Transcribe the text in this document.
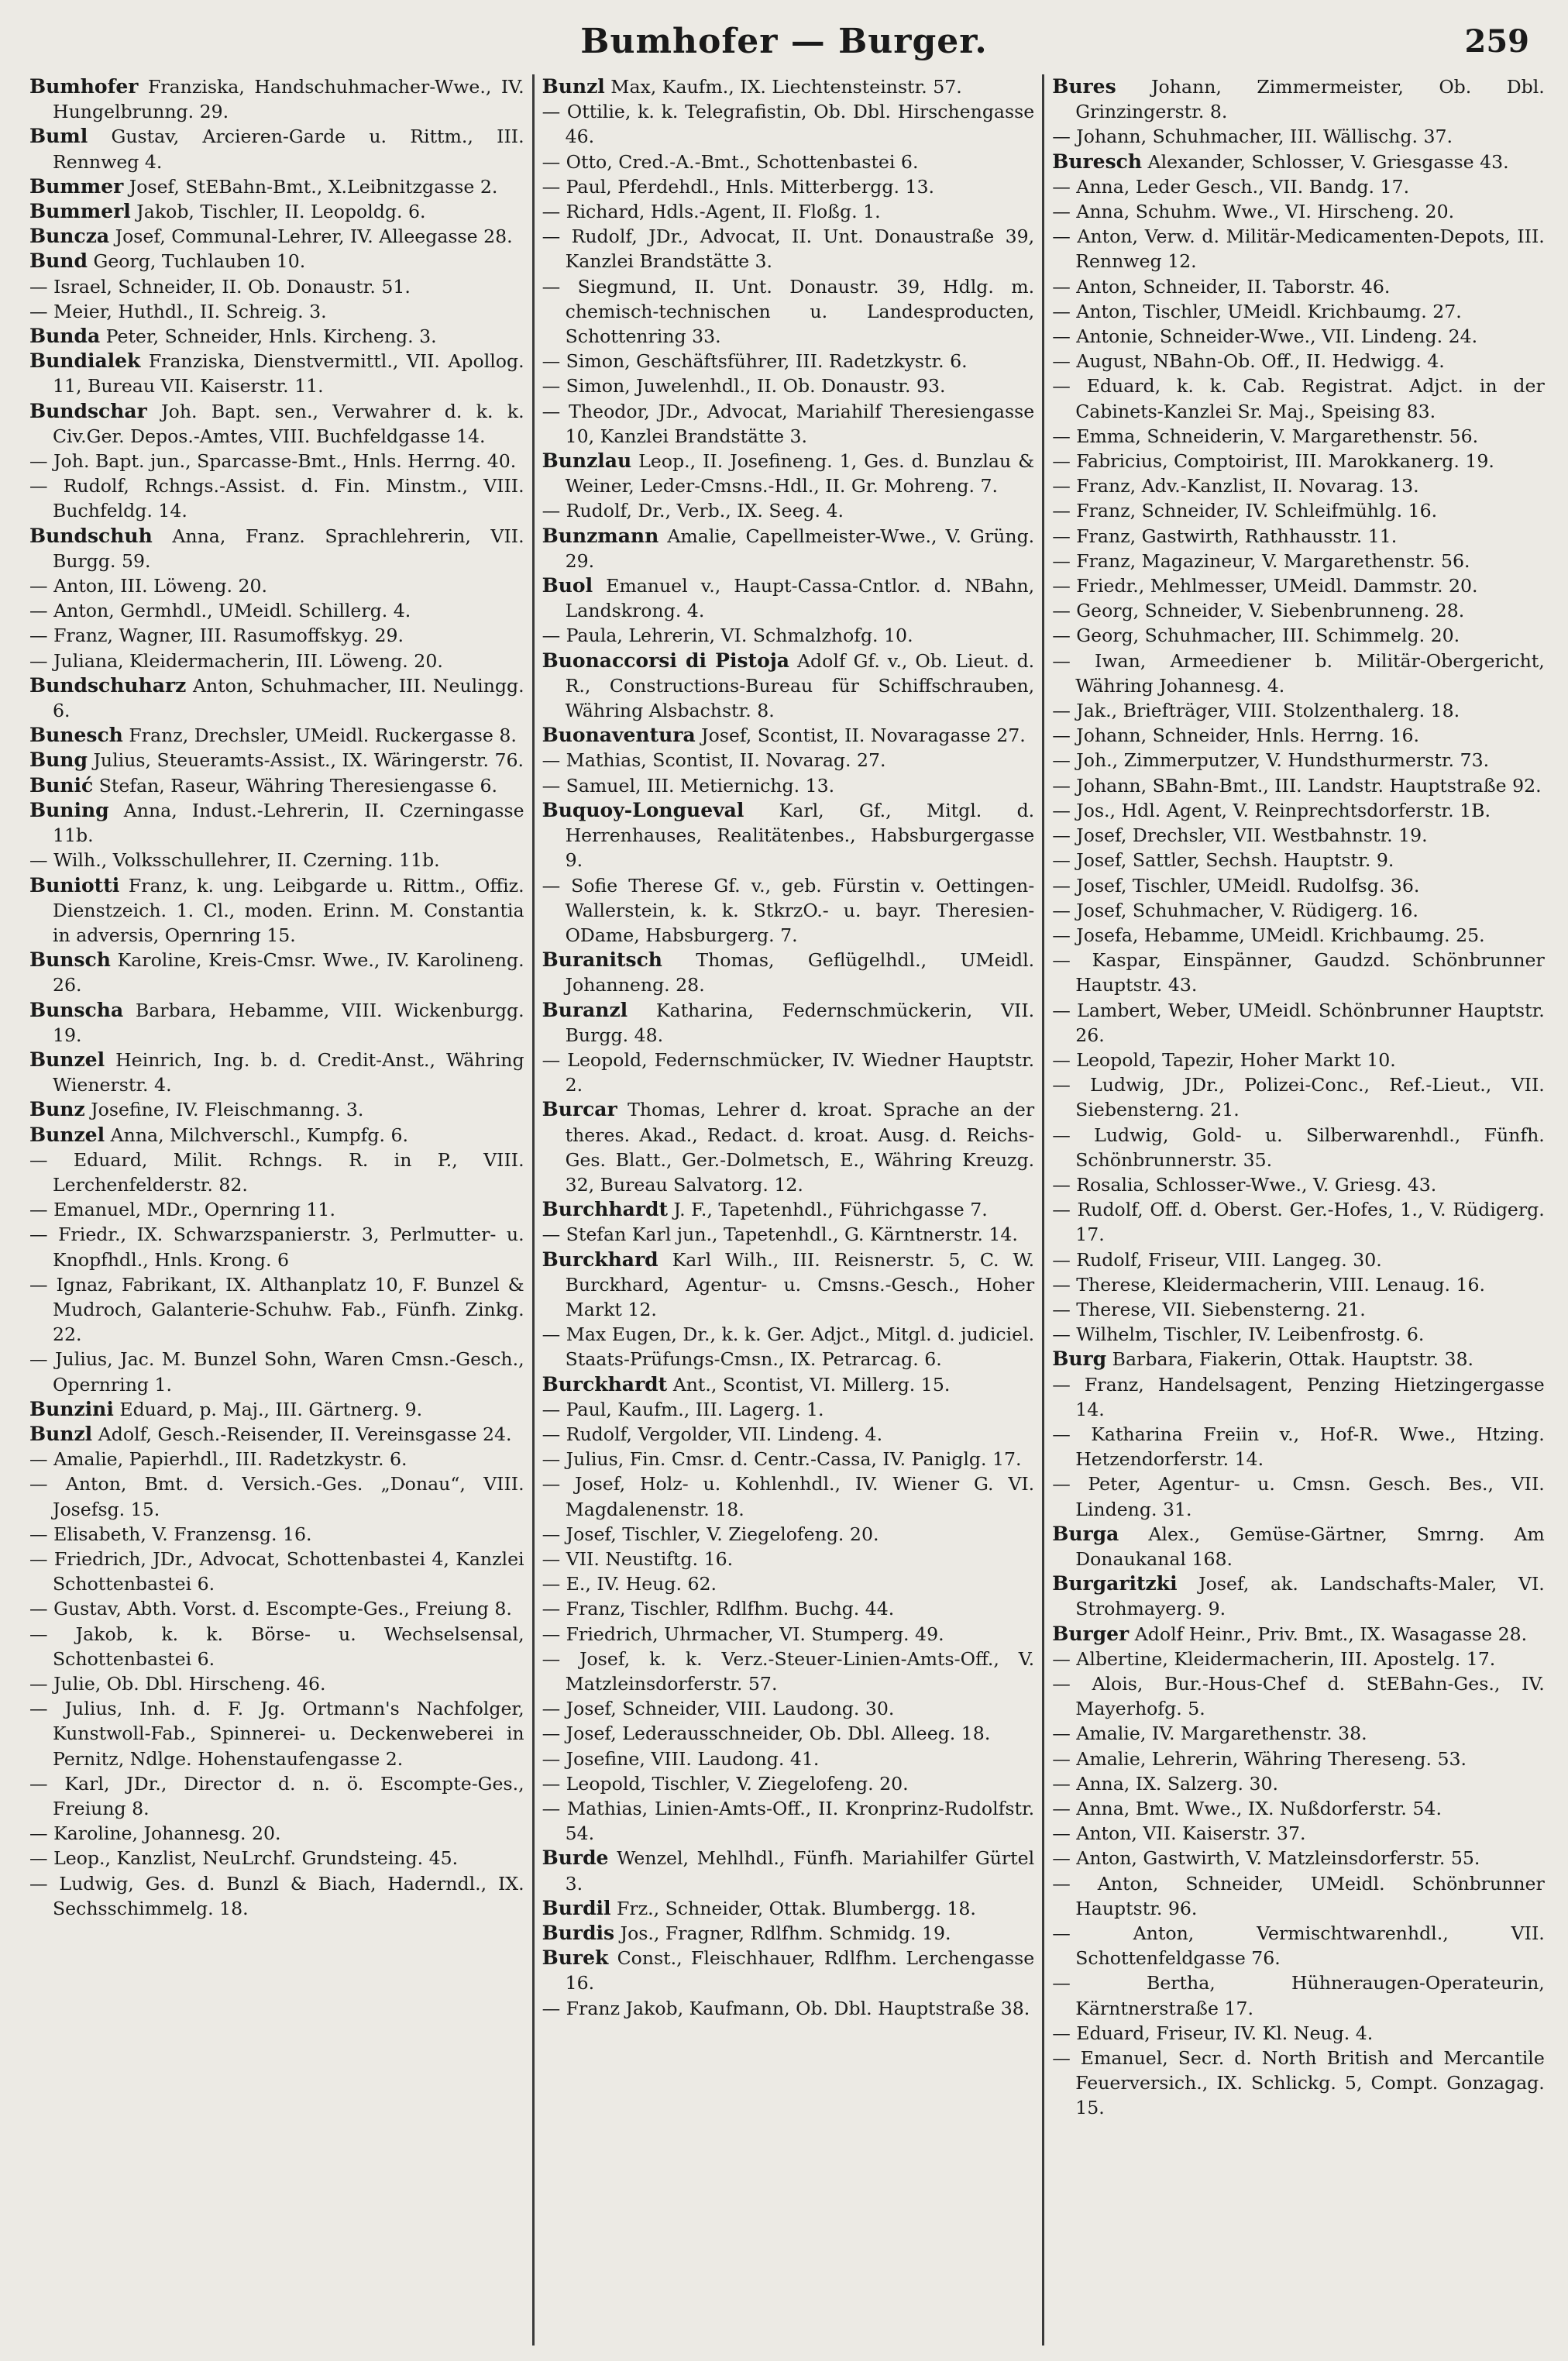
Bumhofer — Burger.	259
Bumhofer Franziska, Handschuhmacher-Wwe., IV. Hungelbrunng. 29.
Buml Gustav, Arcieren-Garde u. Rittm., III. Rennweg 4.
Bummer Josef, StEBahn-Bmt., X.Leibnitzgasse 2.
Bummerl Jakob, Tischler, II. Leopoldg. 6.
Buncza Josef, Communal-Lehrer, IV. Alleegasse 28.
Bund Georg, Tuchlauben 10.
— Israel, Schneider, II. Ob. Donaustr. 51.
— Meier, Huthdl., II. Schreig. 3.
Bunda Peter, Schneider, Hnls. Kircheng. 3.
Bundialek Franziska, Dienstvermittl., VII. Apollog. 11, Bureau VII. Kaiserstr. 11.
Bundschar Joh. Bapt. sen., Verwahrer d. k. k. Civ.Ger. Depos.-Amtes, VIII. Buchfeldgasse 14.
— Joh. Bapt. jun., Sparcasse-Bmt., Hnls. Herrng. 40.
— Rudolf, Rchngs.-Assist. d. Fin. Minstm., VIII. Buchfeldg. 14.
Bundschuh Anna, Franz. Sprachlehrerin, VII. Burgg. 59.
— Anton, III. Löweng. 20.
— Anton, Germhdl., UMeidl. Schillerg. 4.
— Franz, Wagner, III. Rasumoffskyg. 29.
— Juliana, Kleidermacherin, III. Löweng. 20.
Bundschuharz Anton, Schuhmacher, III. Neulingg. 6.
Bunesch Franz, Drechsler, UMeidl. Ruckergasse 8.
Bung Julius, Steueramts-Assist., IX. Wäringerstr. 76.
Bunić Stefan, Raseur, Währing Theresiengasse 6.
Buning Anna, Indust.-Lehrerin, II. Czerningasse 11b.
— Wilh., Volksschullehrer, II. Czerning. 11b.
Buniotti Franz, k. ung. Leibgarde u. Rittm., Offiz. Dienstzeich. 1. Cl., moden. Erinn. M. Constantia in adversis, Opernring 15.
Bunsch Karoline, Kreis-Cmsr. Wwe., IV. Karolineng. 26.
Bunscha Barbara, Hebamme, VIII. Wickenburgg. 19.
Bunzel Heinrich, Ing. b. d. Credit-Anst., Währing Wienerstr. 4.
Bunz Josefine, IV. Fleischmanng. 3.
Bunzel Anna, Milchverschl., Kumpfg. 6.
— Eduard, Milit. Rchngs. R. in P., VIII. Lerchenfelderstr. 82.
— Emanuel, MDr., Opernring 11.
— Friedr., IX. Schwarzspanierstr. 3, Perlmutter- u. Knopfhdl., Hnls. Krong. 6
— Ignaz, Fabrikant, IX. Althanplatz 10, F. Bunzel & Mudroch, Galanterie-Schuhw. Fab., Fünfh. Zinkg. 22.
— Julius, Jac. M. Bunzel Sohn, Waren Cmsn.-Gesch., Opernring 1.
Bunzini Eduard, p. Maj., III. Gärtnerg. 9.
Bunzl Adolf, Gesch.-Reisender, II. Vereinsgasse 24.
— Amalie, Papierhdl., III. Radetzkystr. 6.
— Anton, Bmt. d. Versich.-Ges. „Donau“, VIII. Josefsg. 15.
— Elisabeth, V. Franzensg. 16.
— Friedrich, JDr., Advocat, Schottenbastei 4, Kanzlei Schottenbastei 6.
— Gustav, Abth. Vorst. d. Escompte-Ges., Freiung 8.
— Jakob, k. k. Börse- u. Wechselsensal, Schottenbastei 6.
— Julie, Ob. Dbl. Hirscheng. 46.
— Julius, Inh. d. F. Jg. Ortmann's Nachfolger, Kunstwoll-Fab., Spinnerei- u. Deckenweberei in Pernitz, Ndlge. Hohenstaufengasse 2.
— Karl, JDr., Director d. n. ö. Escompte-Ges., Freiung 8.
— Karoline, Johannesg. 20.
— Leop., Kanzlist, NeuLrchf. Grundsteing. 45.
— Ludwig, Ges. d. Bunzl & Biach, Haderndl., IX. Sechsschimmelg. 18.
Bunzl Max, Kaufm., IX. Liechtensteinstr. 57.
— Ottilie, k. k. Telegrafistin, Ob. Dbl. Hirschengasse 46.
— Otto, Cred.-A.-Bmt., Schottenbastei 6.
— Paul, Pferdehdl., Hnls. Mitterbergg. 13.
— Richard, Hdls.-Agent, II. Floßg. 1.
— Rudolf, JDr., Advocat, II. Unt. Donaustraße 39, Kanzlei Brandstätte 3.
— Siegmund, II. Unt. Donaustr. 39, Hdlg. m. chemisch-technischen u. Landesproducten, Schottenring 33.
— Simon, Geschäftsführer, III. Radetzkystr. 6.
— Simon, Juwelenhdl., II. Ob. Donaustr. 93.
— Theodor, JDr., Advocat, Mariahilf Theresiengasse 10, Kanzlei Brandstätte 3.
Bunzlau Leop., II. Josefineng. 1, Ges. d. Bunzlau & Weiner, Leder-Cmsns.-Hdl., II. Gr. Mohreng. 7.
— Rudolf, Dr., Verb., IX. Seeg. 4.
Bunzmann Amalie, Capellmeister-Wwe., V. Grüng. 29.
Buol Emanuel v., Haupt-Cassa-Cntlor. d. NBahn, Landskrong. 4.
— Paula, Lehrerin, VI. Schmalzhofg. 10.
Buonaccorsi di Pistoja Adolf Gf. v., Ob. Lieut. d. R., Constructions-Bureau für Schiffschrauben, Währing Alsbachstr. 8.
Buonaventura Josef, Scontist, II. Novaragasse 27.
— Mathias, Scontist, II. Novarag. 27.
— Samuel, III. Metiernichg. 13.
Buquoy-Longueval Karl, Gf., Mitgl. d. Herrenhauses, Realitätenbes., Habsburgergasse 9.
— Sofie Therese Gf. v., geb. Fürstin v. Oettingen-Wallerstein, k. k. StkrzO.- u. bayr. Theresien-ODame, Habsburgerg. 7.
Buranitsch Thomas, Geflügelhdl., UMeidl. Johanneng. 28.
Buranzl Katharina, Federnschmückerin, VII. Burgg. 48.
— Leopold, Federnschmücker, IV. Wiedner Hauptstr. 2.
Burcar Thomas, Lehrer d. kroat. Sprache an der theres. Akad., Redact. d. kroat. Ausg. d. Reichs-Ges. Blatt., Ger.-Dolmetsch, E., Währing Kreuzg. 32, Bureau Salvatorg. 12.
Burchhardt J. F., Tapetenhdl., Führichgasse 7.
— Stefan Karl jun., Tapetenhdl., G. Kärntnerstr. 14.
Burckhard Karl Wilh., III. Reisnerstr. 5, C. W. Burckhard, Agentur- u. Cmsns.-Gesch., Hoher Markt 12.
— Max Eugen, Dr., k. k. Ger. Adjct., Mitgl. d. judiciel. Staats-Prüfungs-Cmsn., IX. Petrarcag. 6.
Burckhardt Ant., Scontist, VI. Millerg. 15.
— Paul, Kaufm., III. Lagerg. 1.
— Rudolf, Vergolder, VII. Lindeng. 4.
— Julius, Fin. Cmsr. d. Centr.-Cassa, IV. Paniglg. 17.
— Josef, Holz- u. Kohlenhdl., IV. Wiener G. VI. Magdalenenstr. 18.
— Josef, Tischler, V. Ziegelofeng. 20.
— VII. Neustiftg. 16.
— E., IV. Heug. 62.
— Franz, Tischler, Rdlfhm. Buchg. 44.
— Friedrich, Uhrmacher, VI. Stumperg. 49.
— Josef, k. k. Verz.-Steuer-Linien-Amts-Off., V. Matzleinsdorferstr. 57.
— Josef, Schneider, VIII. Laudong. 30.
— Josef, Lederausschneider, Ob. Dbl. Alleeg. 18.
— Josefine, VIII. Laudong. 41.
— Leopold, Tischler, V. Ziegelofeng. 20.
— Mathias, Linien-Amts-Off., II. Kronprinz-Rudolfstr. 54.
Burde Wenzel, Mehlhdl., Fünfh. Mariahilfer Gürtel 3.
Burdil Frz., Schneider, Ottak. Blumbergg. 18.
Burdis Jos., Fragner, Rdlfhm. Schmidg. 19.
Burek Const., Fleischhauer, Rdlfhm. Lerchengasse 16.
— Franz Jakob, Kaufmann, Ob. Dbl. Hauptstraße 38.
Bures Johann, Zimmermeister, Ob. Dbl. Grinzingerstr. 8.
— Johann, Schuhmacher, III. Wällischg. 37.
Buresch Alexander, Schlosser, V. Griesgasse 43.
— Anna, Leder Gesch., VII. Bandg. 17.
— Anna, Schuhm. Wwe., VI. Hirscheng. 20.
— Anton, Verw. d. Militär-Medicamenten-Depots, III. Rennweg 12.
— Anton, Schneider, II. Taborstr. 46.
— Anton, Tischler, UMeidl. Krichbaumg. 27.
— Antonie, Schneider-Wwe., VII. Lindeng. 24.
— August, NBahn-Ob. Off., II. Hedwigg. 4.
— Eduard, k. k. Cab. Registrat. Adjct. in der Cabinets-Kanzlei Sr. Maj., Speising 83.
— Emma, Schneiderin, V. Margarethenstr. 56.
— Fabricius, Comptoirist, III. Marokkanerg. 19.
— Franz, Adv.-Kanzlist, II. Novarag. 13.
— Franz, Schneider, IV. Schleifmühlg. 16.
— Franz, Gastwirth, Rathhausstr. 11.
— Franz, Magazineur, V. Margarethenstr. 56.
— Friedr., Mehlmesser, UMeidl. Dammstr. 20.
— Georg, Schneider, V. Siebenbrunneng. 28.
— Georg, Schuhmacher, III. Schimmelg. 20.
— Iwan, Armeediener b. Militär-Obergericht, Währing Johannesg. 4.
— Jak., Briefträger, VIII. Stolzenthalerg. 18.
— Johann, Schneider, Hnls. Herrng. 16.
— Joh., Zimmerputzer, V. Hundsthurmerstr. 73.
— Johann, SBahn-Bmt., III. Landstr. Hauptstraße 92.
— Jos., Hdl. Agent, V. Reinprechtsdorferstr. 1B.
— Josef, Drechsler, VII. Westbahnstr. 19.
— Josef, Sattler, Sechsh. Hauptstr. 9.
— Josef, Tischler, UMeidl. Rudolfsg. 36.
— Josef, Schuhmacher, V. Rüdigerg. 16.
— Josefa, Hebamme, UMeidl. Krichbaumg. 25.
— Kaspar, Einspänner, Gaudzd. Schönbrunner Hauptstr. 43.
— Lambert, Weber, UMeidl. Schönbrunner Hauptstr. 26.
— Leopold, Tapezir, Hoher Markt 10.
— Ludwig, JDr., Polizei-Conc., Ref.-Lieut., VII. Siebensterng. 21.
— Ludwig, Gold- u. Silberwarenhdl., Fünfh. Schönbrunnerstr. 35.
— Rosalia, Schlosser-Wwe., V. Griesg. 43.
— Rudolf, Off. d. Oberst. Ger.-Hofes, 1., V. Rüdigerg. 17.
— Rudolf, Friseur, VIII. Langeg. 30.
— Therese, Kleidermacherin, VIII. Lenaug. 16.
— Therese, VII. Siebensterng. 21.
— Wilhelm, Tischler, IV. Leibenfrostg. 6.
Burg Barbara, Fiakerin, Ottak. Hauptstr. 38.
— Franz, Handelsagent, Penzing Hietzingergasse 14.
— Katharina Freiin v., Hof-R. Wwe., Htzing. Hetzendorferstr. 14.
— Peter, Agentur- u. Cmsn. Gesch. Bes., VII. Lindeng. 31.
Burga Alex., Gemüse-Gärtner, Smrng. Am Donaukanal 168.
Burgaritzki Josef, ak. Landschafts-Maler, VI. Strohmayerg. 9.
Burger Adolf Heinr., Priv. Bmt., IX. Wasagasse 28.
— Albertine, Kleidermacherin, III. Apostelg. 17.
— Alois, Bur.-Hous-Chef d. StEBahn-Ges., IV. Mayerhofg. 5.
— Amalie, IV. Margarethenstr. 38.
— Amalie, Lehrerin, Währing Thereseng. 53.
— Anna, IX. Salzerg. 30.
— Anna, Bmt. Wwe., IX. Nußdorferstr. 54.
— Anton, VII. Kaiserstr. 37.
— Anton, Gastwirth, V. Matzleinsdorferstr. 55.
— Anton, Schneider, UMeidl. Schönbrunner Hauptstr. 96.
— Anton, Vermischtwarenhdl., VII. Schottenfeldgasse 76.
— Bertha, Hühneraugen-Operateurin, Kärntnerstraße 17.
— Eduard, Friseur, IV. Kl. Neug. 4.
— Emanuel, Secr. d. North British and Mercantile Feuerversich., IX. Schlickg. 5, Compt. Gonzagag. 15.
